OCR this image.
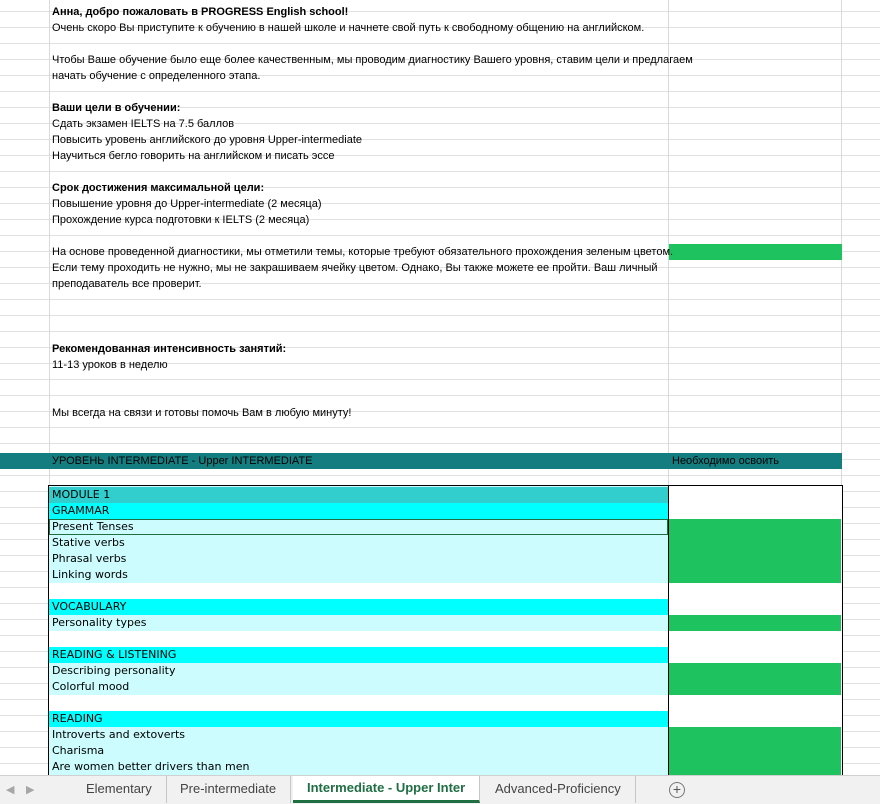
Анна, добро пожаловать в PROGRESS English school!
Очень скоро Вы приступите к обучению в нашей школе и начнете свой путь к свободному общению на английском.
Чтобы Ваше обучение было еще более качественным, мы проводим диагностику Вашего уровня, ставим цели и предлагаем
начать обучение с определенного этапа.
Ваши цели в обучении:
Сдать экзамен IELTS на 7.5 баллов
Повысить уровень английского до уровня Upper-intermediate
Научиться бегло говорить на английском и писать эссе
Срок достижения максимальной цели:
Повышение уровня до Upper-intermediate (2 месяца)
Прохождение курса подготовки к IELTS (2 месяца)
На основе проведенной диагностики, мы отметили темы, которые требуют обязательного прохождения зеленым цветом.
Если тему проходить не нужно, мы не закрашиваем ячейку цветом. Однако, Вы также можете ее пройти. Ваш личный
преподаватель все проверит.
Рекомендованная интенсивность занятий:
11-13 уроков в неделю
Мы всегда на связи и готовы помочь Вам в любую минуту!
УРОВЕНЬ INTERMEDIATE - Upper INTERMEDIATE	Необходимо освоить
MODULE 1
GRAMMAR
Present Tenses
Stative verbs
Phrasal verbs
Linking words
VOCABULARY
Personality types
READING & LISTENING
Describing personality
Colorful mood
READING
Introverts and extoverts
Charisma
Are women better drivers than men
◀ ▶	Elementary	Pre-intermediate	Intermediate - Upper Inter	Advanced-Proficiency	+
